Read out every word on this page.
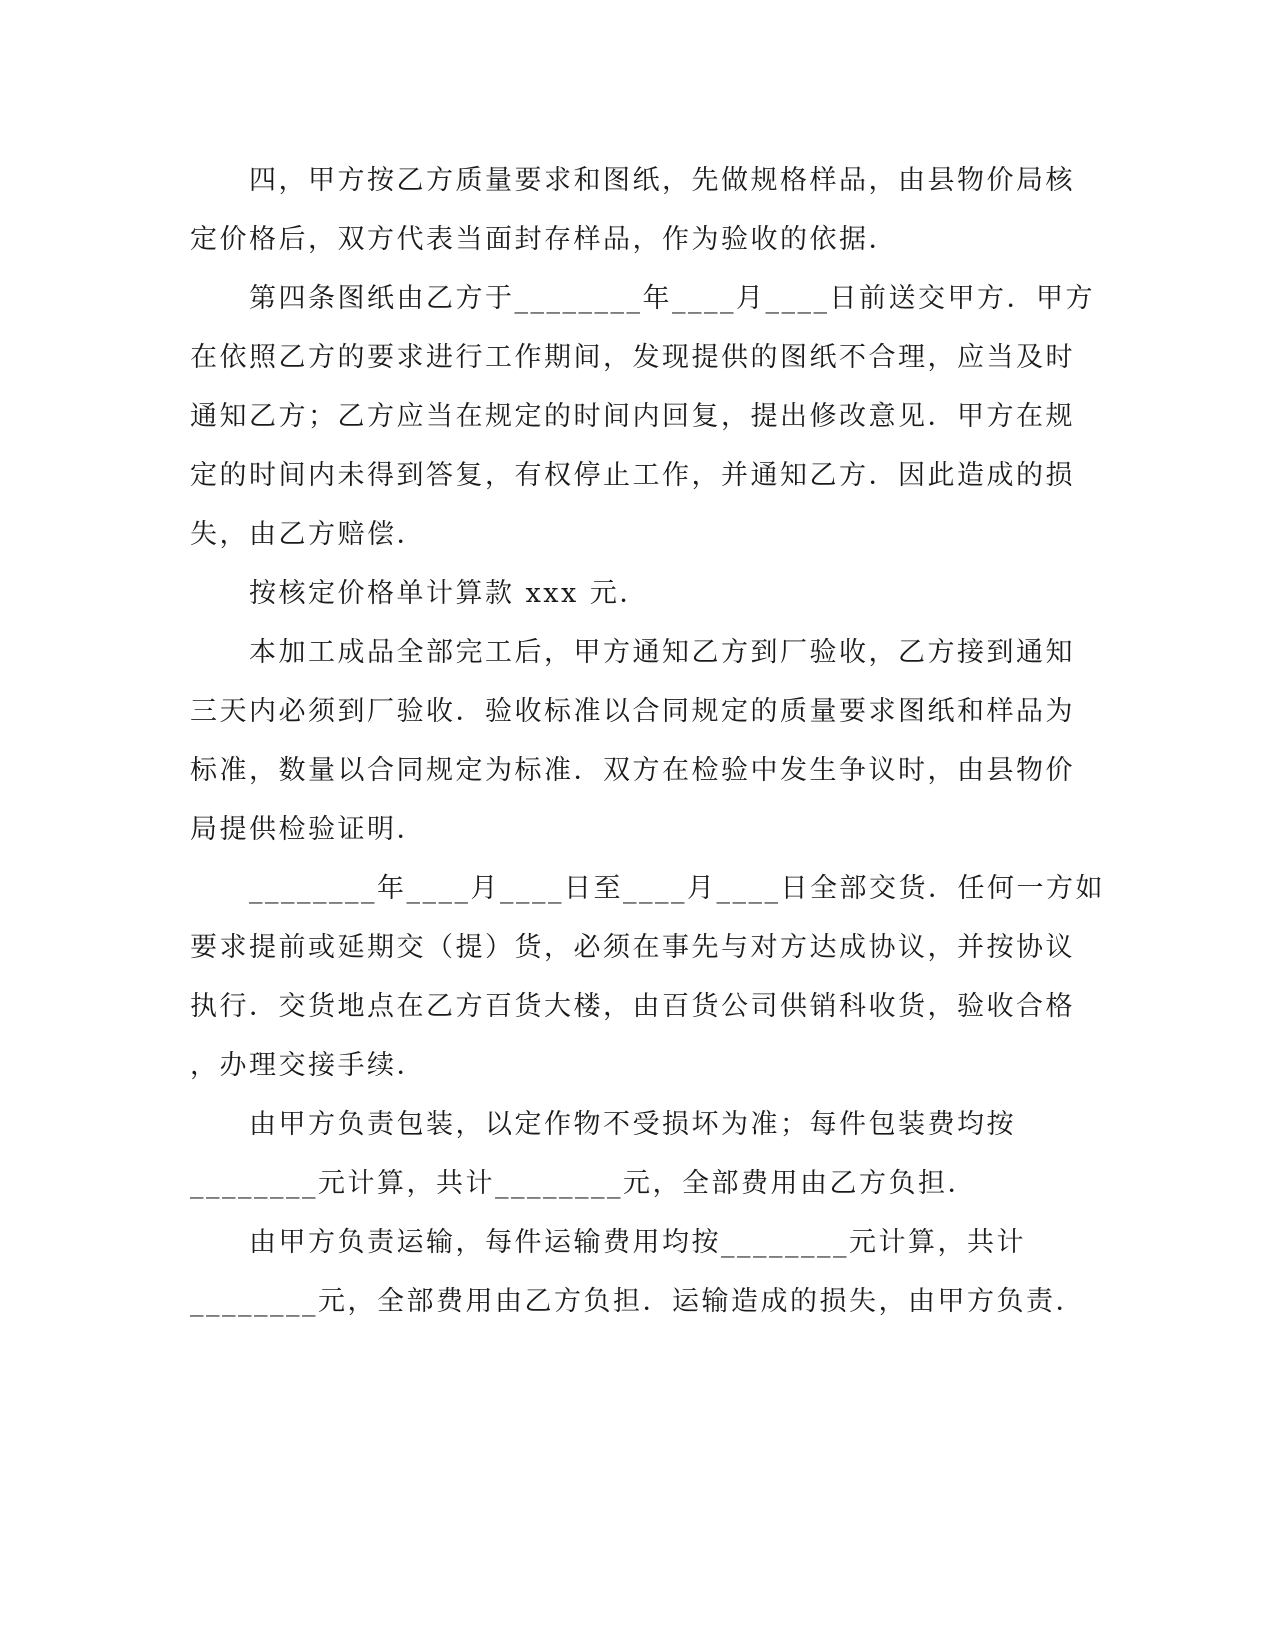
　　四，甲方按乙方质量要求和图纸，先做规格样品，由县物价局核
定价格后，双方代表当面封存样品，作为验收的依据．
　　第四条图纸由乙方于________年____月____日前送交甲方．甲方
在依照乙方的要求进行工作期间，发现提供的图纸不合理，应当及时
通知乙方；乙方应当在规定的时间内回复，提出修改意见．甲方在规
定的时间内未得到答复，有权停止工作，并通知乙方．因此造成的损
失，由乙方赔偿．
　　按核定价格单计算款 xxx 元．
　　本加工成品全部完工后，甲方通知乙方到厂验收，乙方接到通知
三天内必须到厂验收．验收标准以合同规定的质量要求图纸和样品为
标准，数量以合同规定为标准．双方在检验中发生争议时，由县物价
局提供检验证明．
　　________年____月____日至____月____日全部交货．任何一方如
要求提前或延期交（提）货，必须在事先与对方达成协议，并按协议
执行．交货地点在乙方百货大楼，由百货公司供销科收货，验收合格
，办理交接手续．
　　由甲方负责包装，以定作物不受损坏为准；每件包装费均按
________元计算，共计________元，全部费用由乙方负担．
　　由甲方负责运输，每件运输费用均按________元计算，共计
________元，全部费用由乙方负担．运输造成的损失，由甲方负责．
